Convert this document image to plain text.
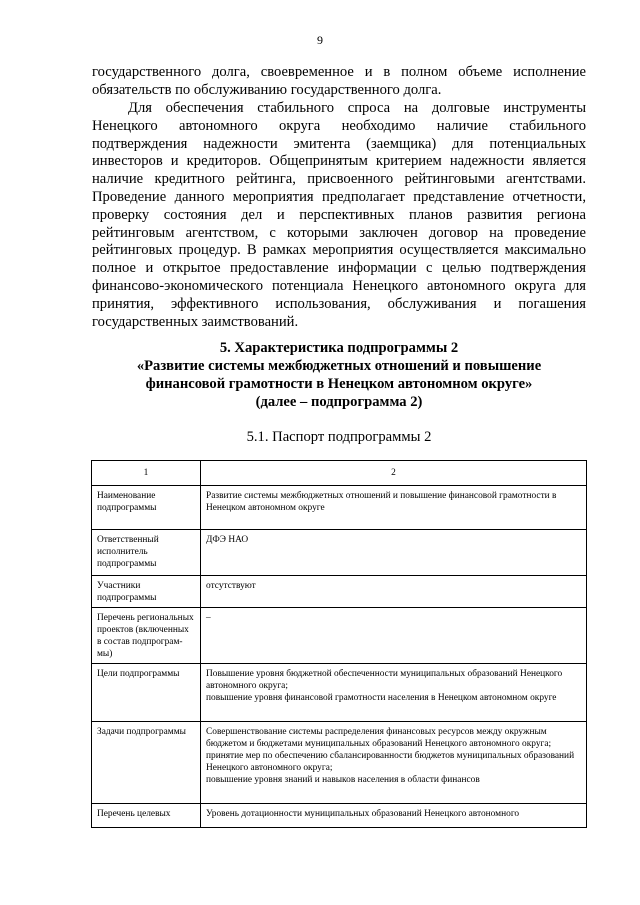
9

государственного долга, своевременное и в полном объеме исполнение обязательств по обслуживанию государственного долга.

Для обеспечения стабильного спроса на долговые инструменты Ненецкого автономного округа необходимо наличие стабильного подтверждения надежности эмитента (заемщика) для потенциальных инвесторов и кредиторов. Общепринятым критерием надежности является наличие кредитного рейтинга, присвоенного рейтинговыми агентствами. Проведение данного мероприятия предполагает представление отчетности, проверку состояния дел и перспективных планов развития региона рейтинговым агентством, с которыми заключен договор на проведение рейтинговых процедур. В рамках мероприятия осуществляется максимально полное и открытое предоставление информации с целью подтверждения финансово-экономического потенциала Ненецкого автономного округа для принятия, эффективного использования, обслуживания и погашения государственных заимствований.

5. Характеристика подпрограммы 2
«Развитие системы межбюджетных отношений и повышение
финансовой грамотности в Ненецком автономном округе»
(далее – подпрограмма 2)
5.1. Паспорт подпрограммы 2
1	2
Наименование подпрограммы	Развитие системы межбюджетных отношений и повышение финансовой грамотности в Ненецком автономном округе
Ответственный исполнитель подпрограммы	ДФЭ НАО
Участники подпрограммы	отсутствуют
Перечень региональных проектов (включенных в состав подпрограм-мы)	–
Цели подпрограммы	Повышение уровня бюджетной обеспеченности муниципальных образований Ненецкого автономного округа;
повышение уровня финансовой грамотности населения в Ненецком автономном округе
Задачи подпрограммы	Совершенствование системы распределения финансовых ресурсов между окружным бюджетом и бюджетами муниципальных образований Ненецкого автономного округа;
принятие мер по обеспечению сбалансированности бюджетов муниципальных образований Ненецкого автономного округа;
повышение уровня знаний и навыков населения в области финансов
Перечень целевых	Уровень дотационности муниципальных образований Ненецкого автономного
